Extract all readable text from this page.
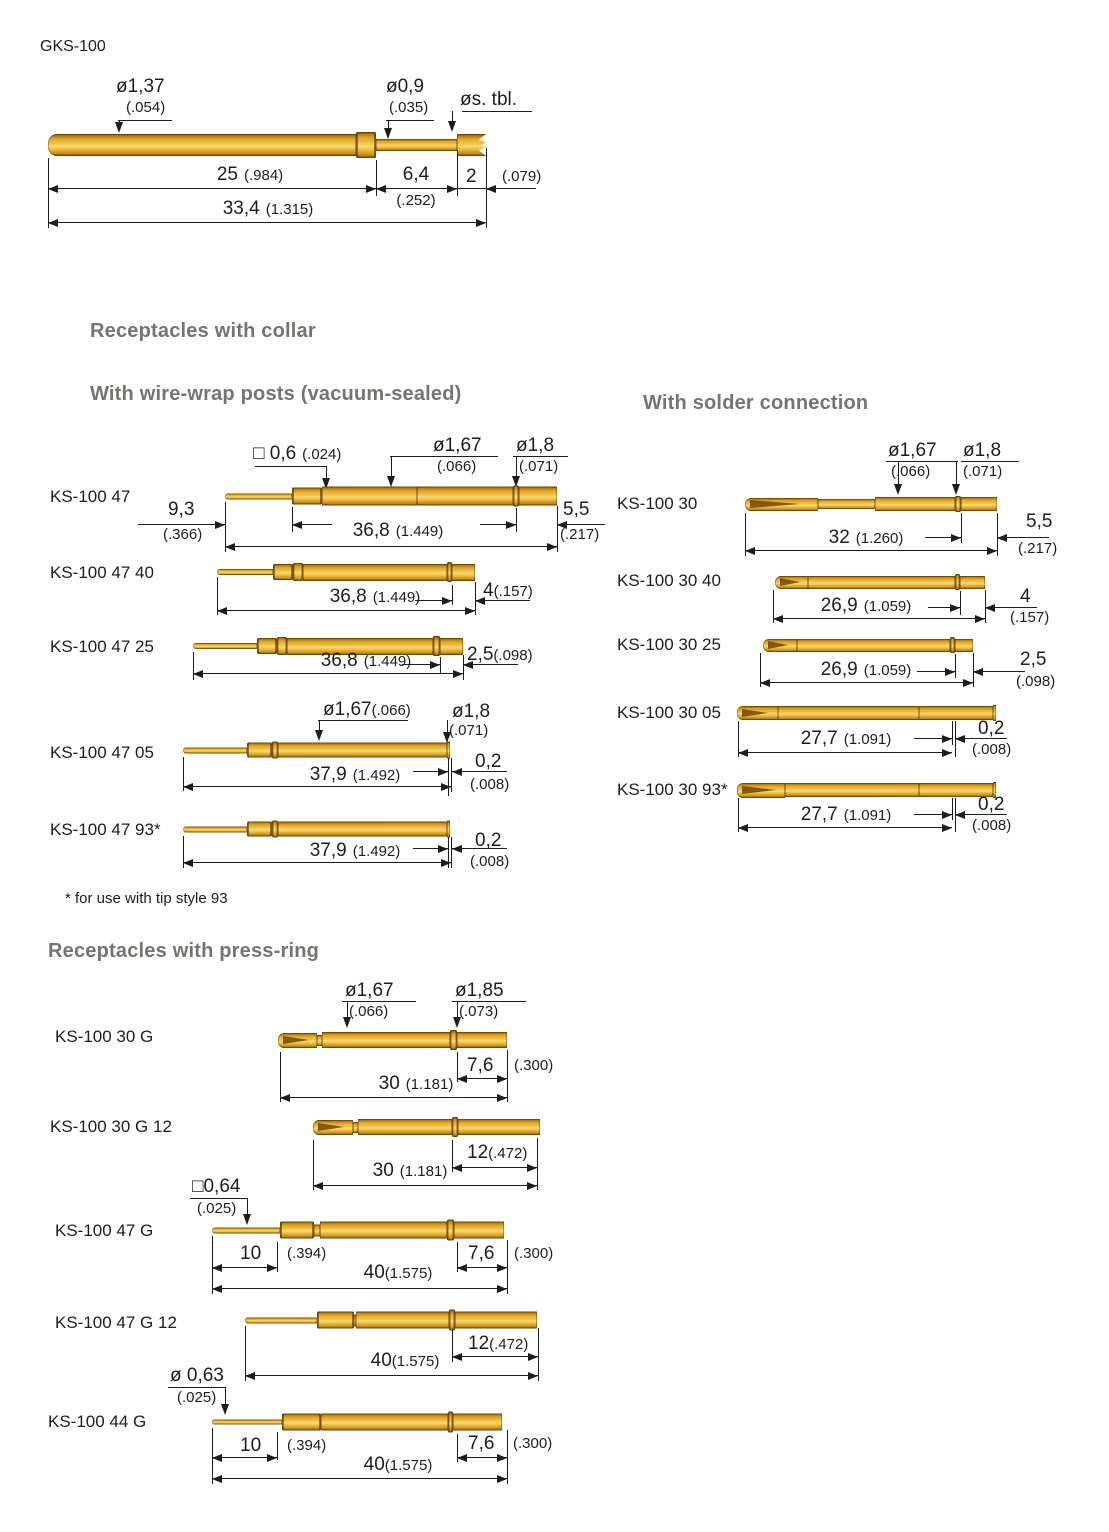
GKS-100
ø1,37
(.054)
ø0,9
(.035) øs. tbl.
25 (.984)	6,4 2 (.079)
(.252)
33,4 (1.315)
Receptacles with collar
With wire-wrap posts (vacuum-sealed)	With solder connection
KS-100 47
□ 0,6 (.024)	ø1,67
(.066)
ø1,8
(.071)
9,3
(.366)	36,8 (1.449)
5,5
(.217)
KS-100 47 40
4(.157)
36,8 (1.449)
KS-100 47 25	2,5(.098)
36,8 (1.449)
KS-100 47 05
ø1,67(.066) ø1,8
(.071)
0,2
(.008)
37,9 (1.492)
KS-100 47 93*
0,2
(.008)
37,9 (1.492)
KS-100 30
ø1,67
(.066)
ø1,8
(.071)
5,5
(.217)
32 (1.260)
KS-100 30 40
4
(.157)
26,9 (1.059)
KS-100 30 25
2,5
(.098)
26,9 (1.059)
KS-100 30 05
0,2
(.008)
27,7 (1.091)
KS-100 30 93*
0,2
(.008)
27,7 (1.091)
* for use with tip style 93
Receptacles with press-ring
KS-100 30 G
ø1,67
(.066)
ø1,85
(.073)
7,6 (.300)
30 (1.181)
KS-100 30 G 12
12(.472)
30 (1.181)
□0,64
(.025)
KS-100 47 G
10 (.394)	7,6 (.300)
40(1.575)
KS-100 47 G 12
12(.472)
40(1.575)
ø 0,63
(.025)
KS-100 44 G
10 (.394)	7,6 (.300)
40(1.575)
